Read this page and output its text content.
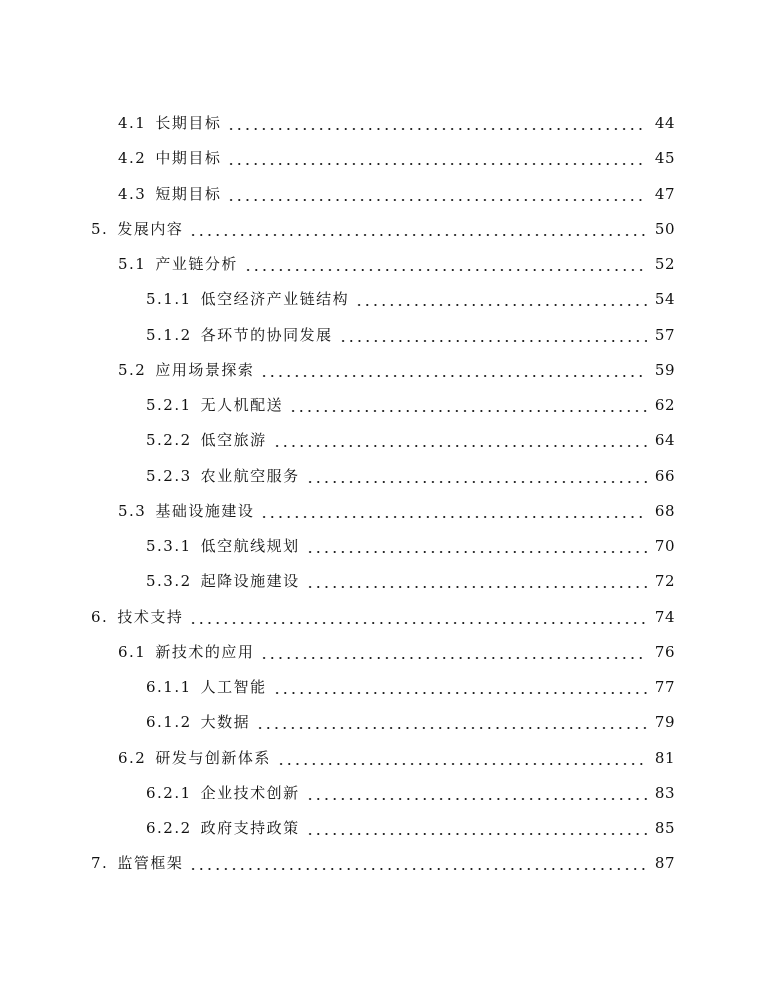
4.1 长期目标	44
4.2 中期目标	45
4.3 短期目标	47
5. 发展内容	50
5.1 产业链分析	52
5.1.1 低空经济产业链结构	54
5.1.2 各环节的协同发展	57
5.2 应用场景探索	59
5.2.1 无人机配送	62
5.2.2 低空旅游	64
5.2.3 农业航空服务	66
5.3 基础设施建设	68
5.3.1 低空航线规划	70
5.3.2 起降设施建设	72
6. 技术支持	74
6.1 新技术的应用	76
6.1.1 人工智能	77
6.1.2 大数据	79
6.2 研发与创新体系	81
6.2.1 企业技术创新	83
6.2.2 政府支持政策	85
7. 监管框架	87
